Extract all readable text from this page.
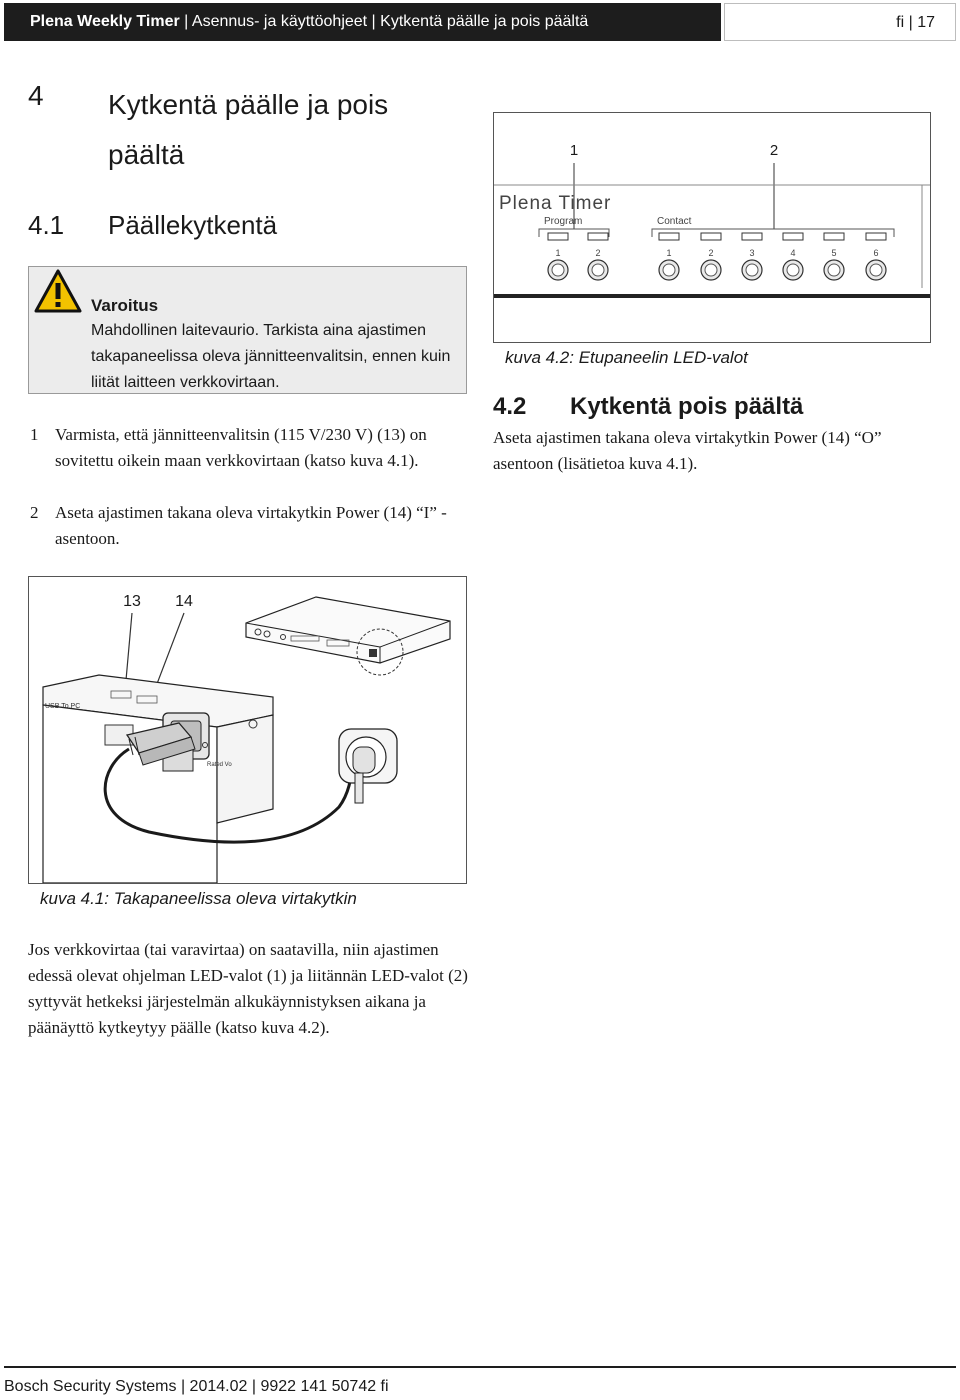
Plena Weekly Timer | Asennus- ja käyttöohjeet | Kytkentä päälle ja pois päältä	fi | 17
4 Kytkentä päälle ja pois päältä
4.1 Päällekytkentä
Varoitus
Mahdollinen laitevaurio. Tarkista aina ajastimen takapaneelissa oleva jännitteenvalitsin, ennen kuin liität laitteen verkkovirtaan.
1 Varmista, että jännitteenvalitsin (115 V/230 V) (13) on sovitettu oikein maan verkkovirtaan (katso kuva 4.1).
2 Aseta ajastimen takana oleva virtakytkin Power (14) “I” -asentoon.
1	2
Plena Timer
Program	Contact
1	2	1	2	3	4	5	6
kuva 4.2: Etupaneelin LED-valot
4.2 Kytkentä pois päältä
Aseta ajastimen takana oleva virtakytkin Power (14) “O” asentoon (lisätietoa kuva 4.1).
13 14
USB To PC
Rated Vo
kuva 4.1: Takapaneelissa oleva virtakytkin
Jos verkkovirtaa (tai varavirtaa) on saatavilla, niin ajastimen edessä olevat ohjelman LED-valot (1) ja liitännän LED-valot (2) syttyvät hetkeksi järjestelmän alkukäynnistyksen aikana ja päänäyttö kytkeytyy päälle (katso kuva 4.2).
Bosch Security Systems | 2014.02 | 9922 141 50742 fi
